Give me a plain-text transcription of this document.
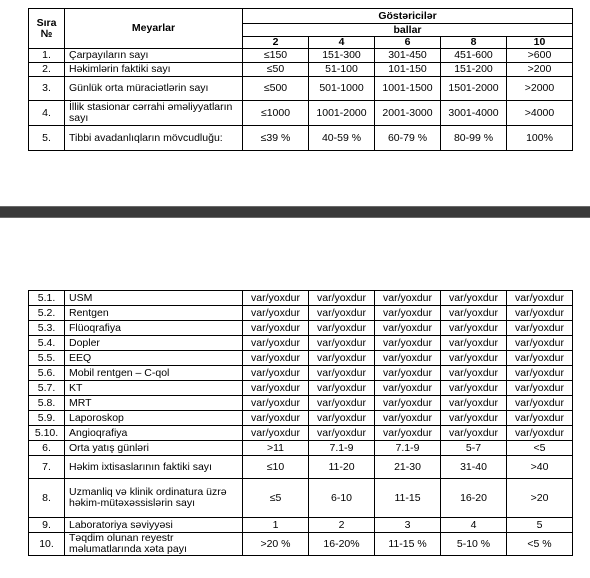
Sıra
№	Meyarlar	Göstəricilər				
		ballar				
		2	4	6	8	10
1.	Çarpayıların sayı	≤150	151-300	301-450	451-600	>600
2.	Həkimlərin faktiki sayı	≤50	51-100	101-150	151-200	>200
3.	Günlük orta müraciətlərin sayı	≤500	501-1000	1001-1500	1501-2000	>2000
4.	İllik stasionar cərrahi əməliyyatların sayı	≤1000	1001-2000	2001-3000	3001-4000	>4000
5.	Tibbi avadanlıqların mövcudluğu:	≤39 %	40-59 %	60-79 %	80-99 %	100%
5.1.	USM	var/yoxdur	var/yoxdur	var/yoxdur	var/yoxdur	var/yoxdur
5.2.	Rentgen	var/yoxdur	var/yoxdur	var/yoxdur	var/yoxdur	var/yoxdur
5.3.	Flüoqrafiya	var/yoxdur	var/yoxdur	var/yoxdur	var/yoxdur	var/yoxdur
5.4.	Dopler	var/yoxdur	var/yoxdur	var/yoxdur	var/yoxdur	var/yoxdur
5.5.	EEQ	var/yoxdur	var/yoxdur	var/yoxdur	var/yoxdur	var/yoxdur
5.6.	Mobil rentgen – C-qol	var/yoxdur	var/yoxdur	var/yoxdur	var/yoxdur	var/yoxdur
5.7.	KT	var/yoxdur	var/yoxdur	var/yoxdur	var/yoxdur	var/yoxdur
5.8.	MRT	var/yoxdur	var/yoxdur	var/yoxdur	var/yoxdur	var/yoxdur
5.9.	Laporoskop	var/yoxdur	var/yoxdur	var/yoxdur	var/yoxdur	var/yoxdur
5.10.	Angioqrafiya	var/yoxdur	var/yoxdur	var/yoxdur	var/yoxdur	var/yoxdur
6.	Orta yatış günləri	>11	7.1-9	7.1-9	5-7	<5
7.	Həkim ixtisaslarının faktiki sayı	≤10	11-20	21-30	31-40	>40
8.	Uzmanliq və klinik ordinatura üzrə həkim-mütəxəssislərin sayı	≤5	6-10	11-15	16-20	>20
9.	Laboratoriya səviyyəsi	1	2	3	4	5
10.	Təqdim olunan reyestr məlumatlarında xəta payı	>20 %	16-20%	11-15 %	5-10 %	<5 %
